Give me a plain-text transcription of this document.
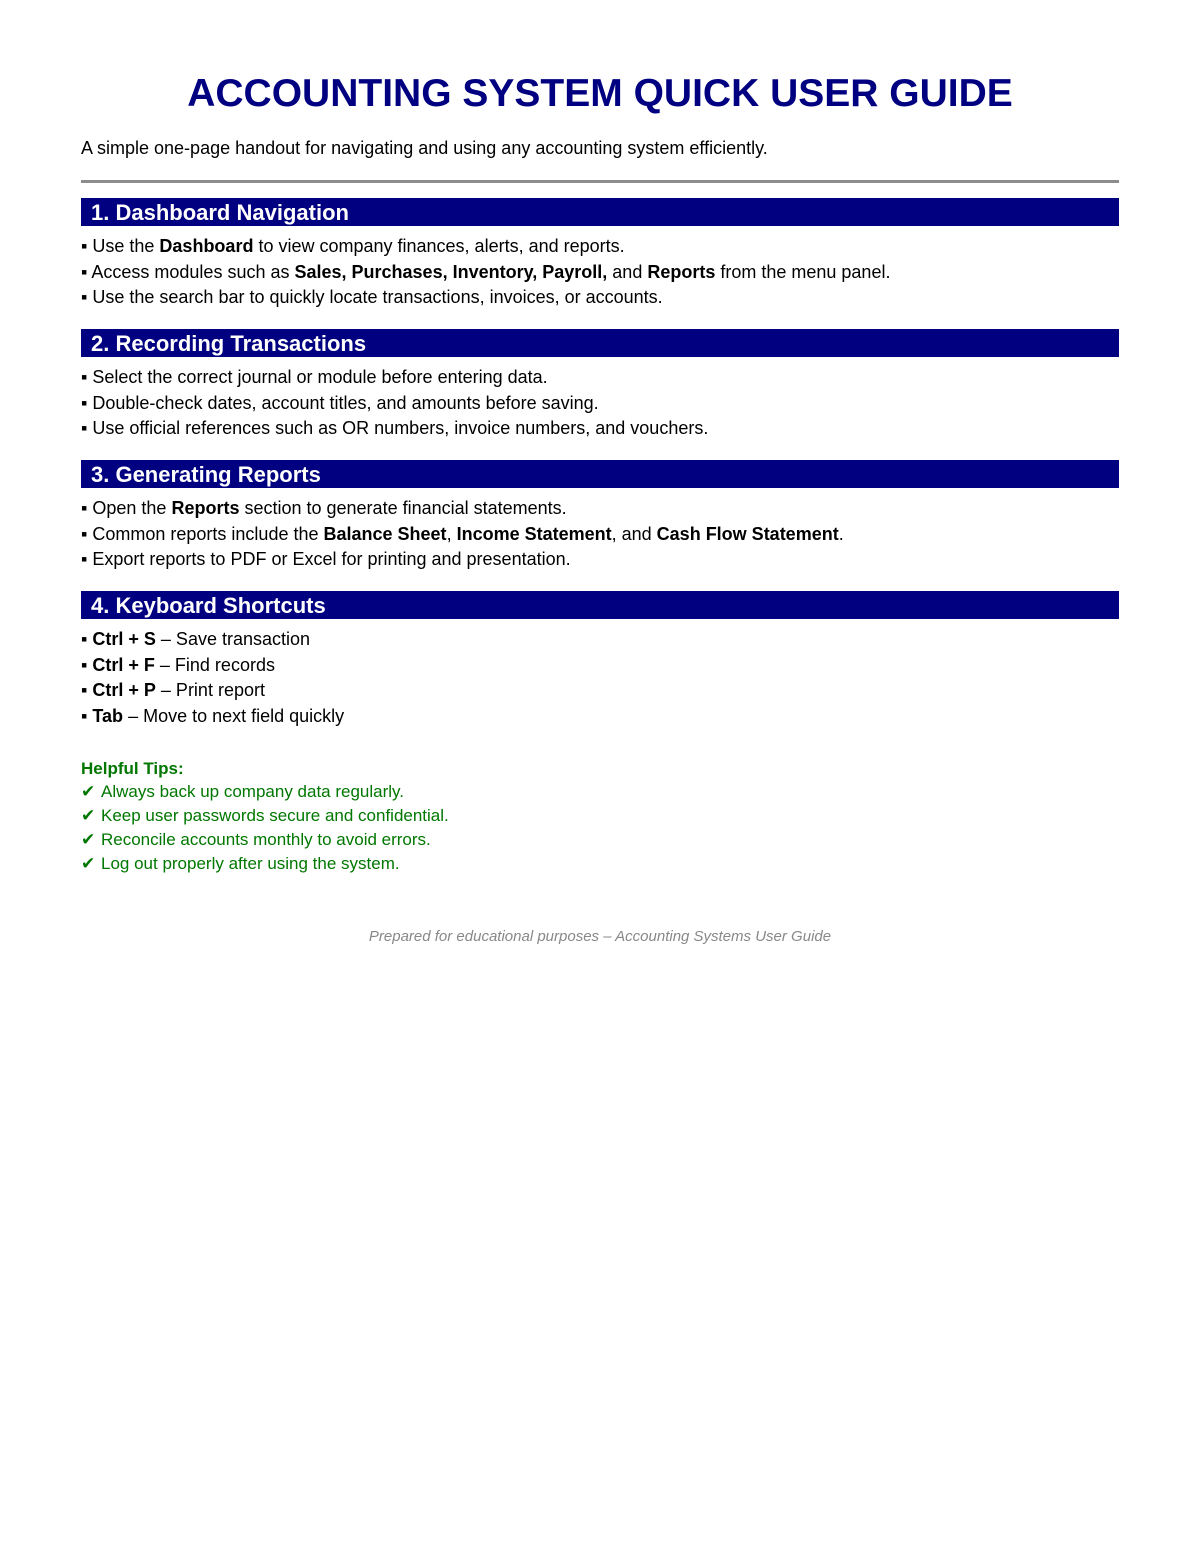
ACCOUNTING SYSTEM QUICK USER GUIDE
A simple one-page handout for navigating and using any accounting system efficiently.
1. Dashboard Navigation
▪ Use the Dashboard to view company finances, alerts, and reports.
▪ Access modules such as Sales, Purchases, Inventory, Payroll, and Reports from the menu panel.
▪ Use the search bar to quickly locate transactions, invoices, or accounts.
2. Recording Transactions
▪ Select the correct journal or module before entering data.
▪ Double-check dates, account titles, and amounts before saving.
▪ Use official references such as OR numbers, invoice numbers, and vouchers.
3. Generating Reports
▪ Open the Reports section to generate financial statements.
▪ Common reports include the Balance Sheet, Income Statement, and Cash Flow Statement.
▪ Export reports to PDF or Excel for printing and presentation.
4. Keyboard Shortcuts
▪ Ctrl + S – Save transaction
▪ Ctrl + F – Find records
▪ Ctrl + P – Print report
▪ Tab – Move to next field quickly
Helpful Tips:
✔ Always back up company data regularly.
✔ Keep user passwords secure and confidential.
✔ Reconcile accounts monthly to avoid errors.
✔ Log out properly after using the system.
Prepared for educational purposes – Accounting Systems User Guide
